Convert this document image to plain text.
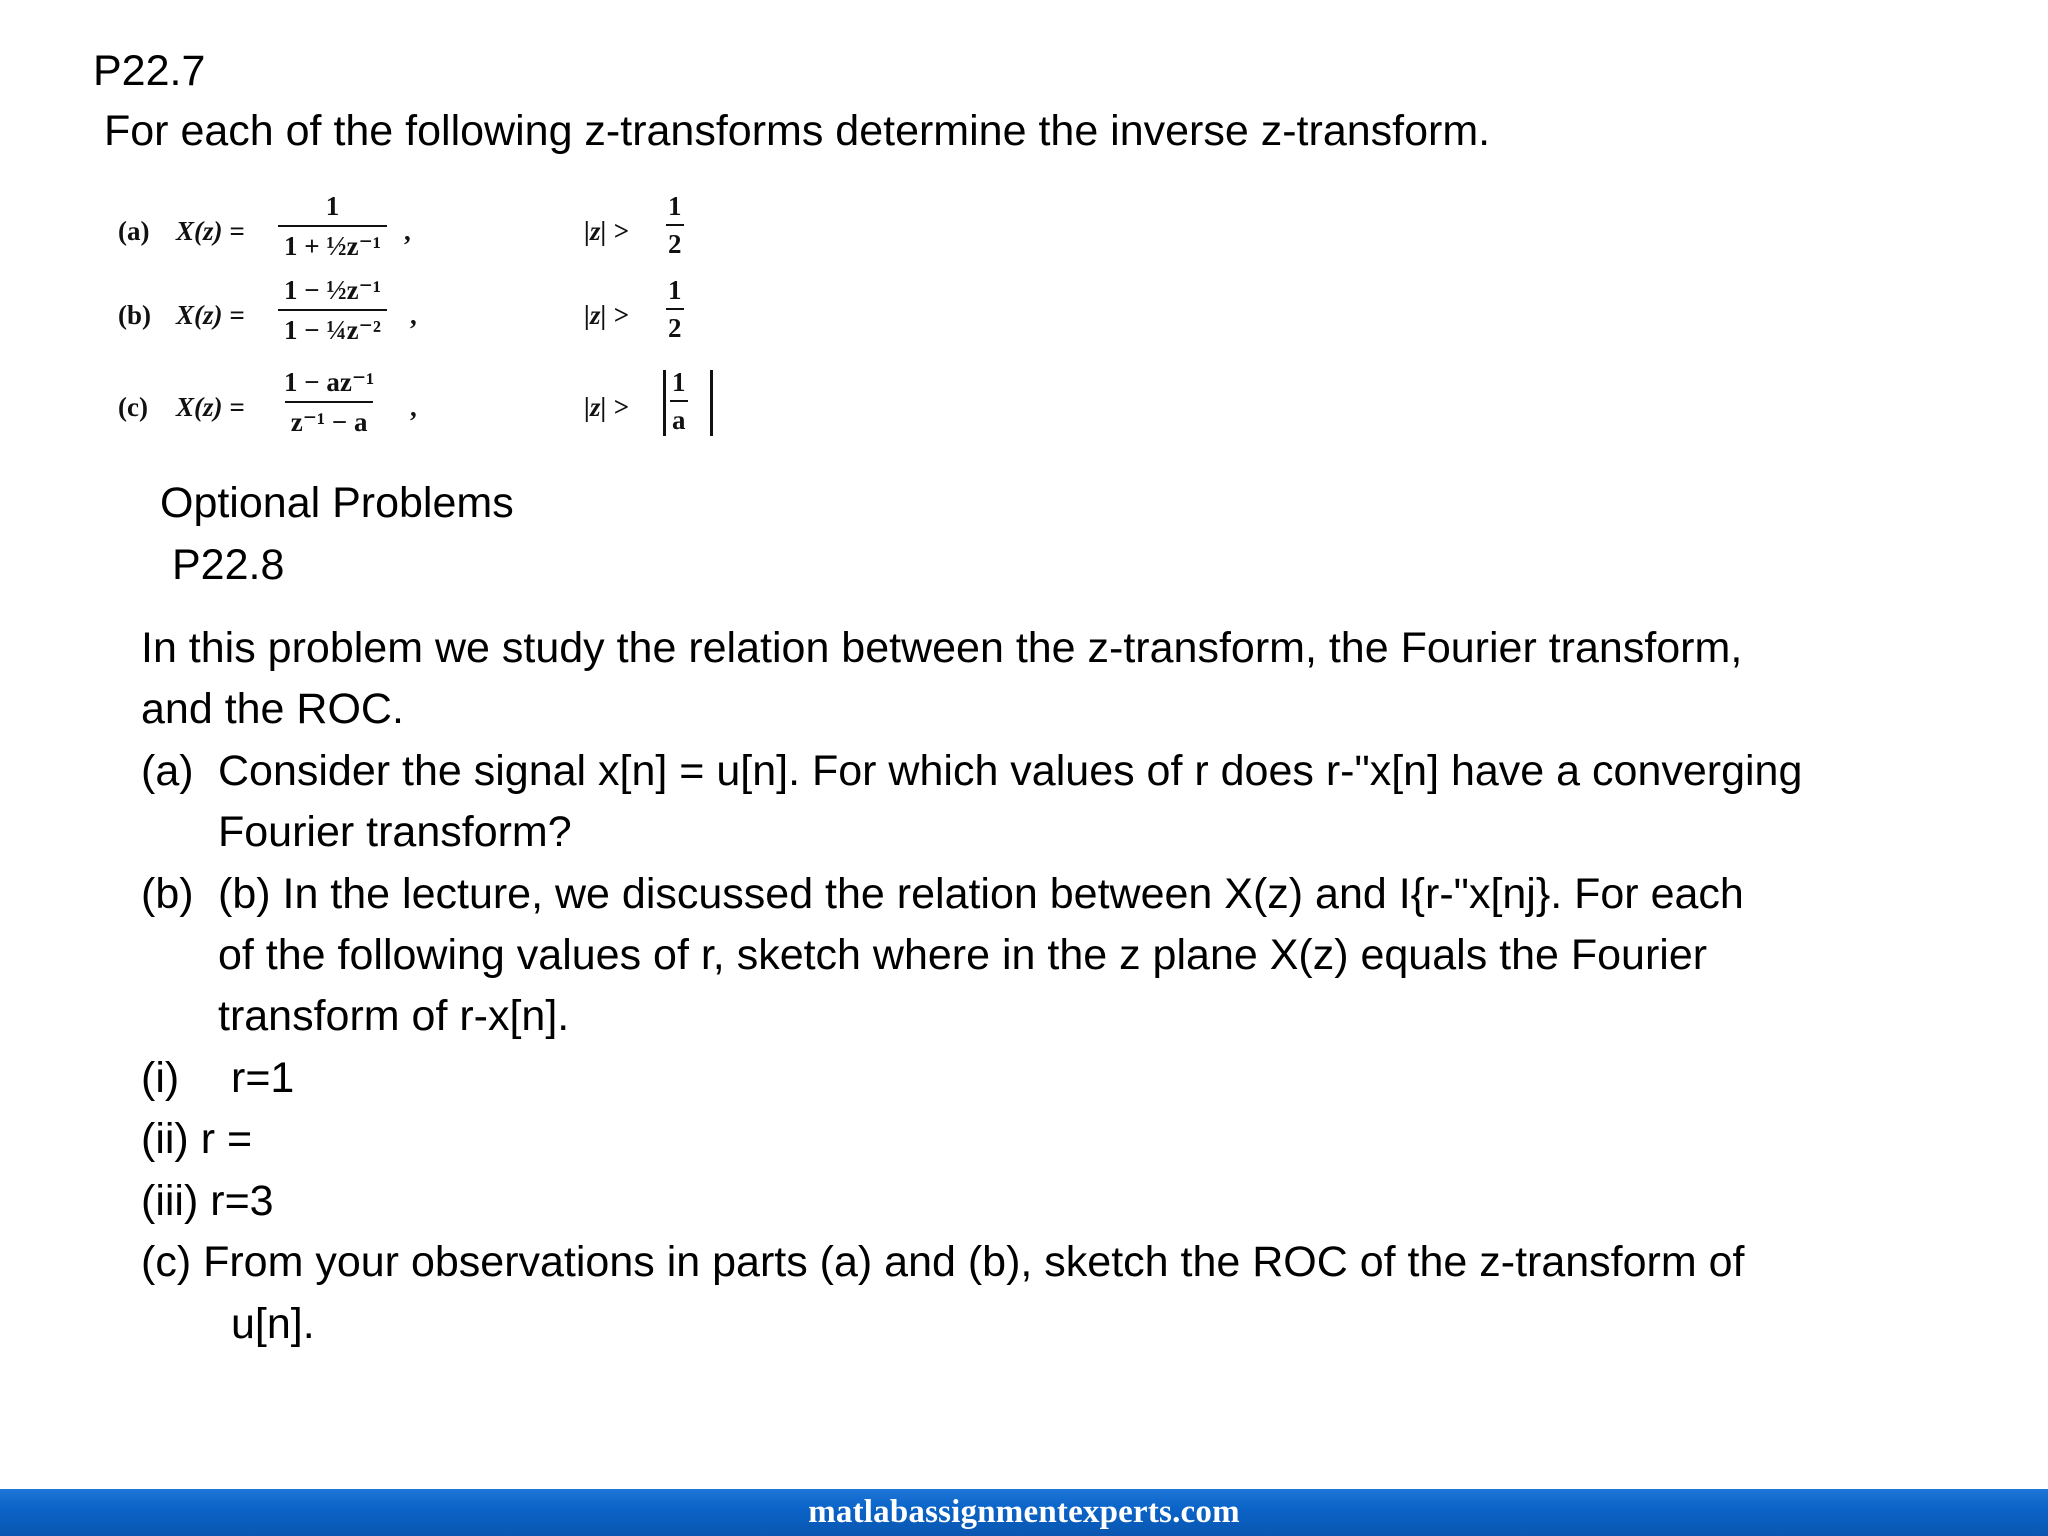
P22.7
For each of the following z-transforms determine the inverse z-transform.
(a) $X(z) = \frac{1}{\text{1 + ½z⁻¹}}$ ,	$|z| > \frac{1}{2}$
(b) $X(z) = \frac{\text{1 − ½z⁻¹}}{\text{1 − ¼z⁻²}}$ ,	$|z| > \frac{1}{2}$
(c) $X(z) = \frac{\text{1 − az⁻¹}}{\text{z⁻¹ − a}}$ ,	$|z| > \frac{1}{a}$
Optional Problems
P22.8
In this problem we study the relation between the z-transform, the Fourier transform,
and the ROC.
(a) Consider the signal x[n] = u[n]. For which values of r does r-"x[n] have a converging
Fourier transform?
(b) (b) In the lecture, we discussed the relation between X(z) and I{r-"x[nj}. For each
of the following values of r, sketch where in the z plane X(z) equals the Fourier
transform of r-x[n].
(i) r=1
(ii) r =
(iii) r=3
(c) From your observations in parts (a) and (b), sketch the ROC of the z-transform of
u[n].
matlabassignmentexperts.com
